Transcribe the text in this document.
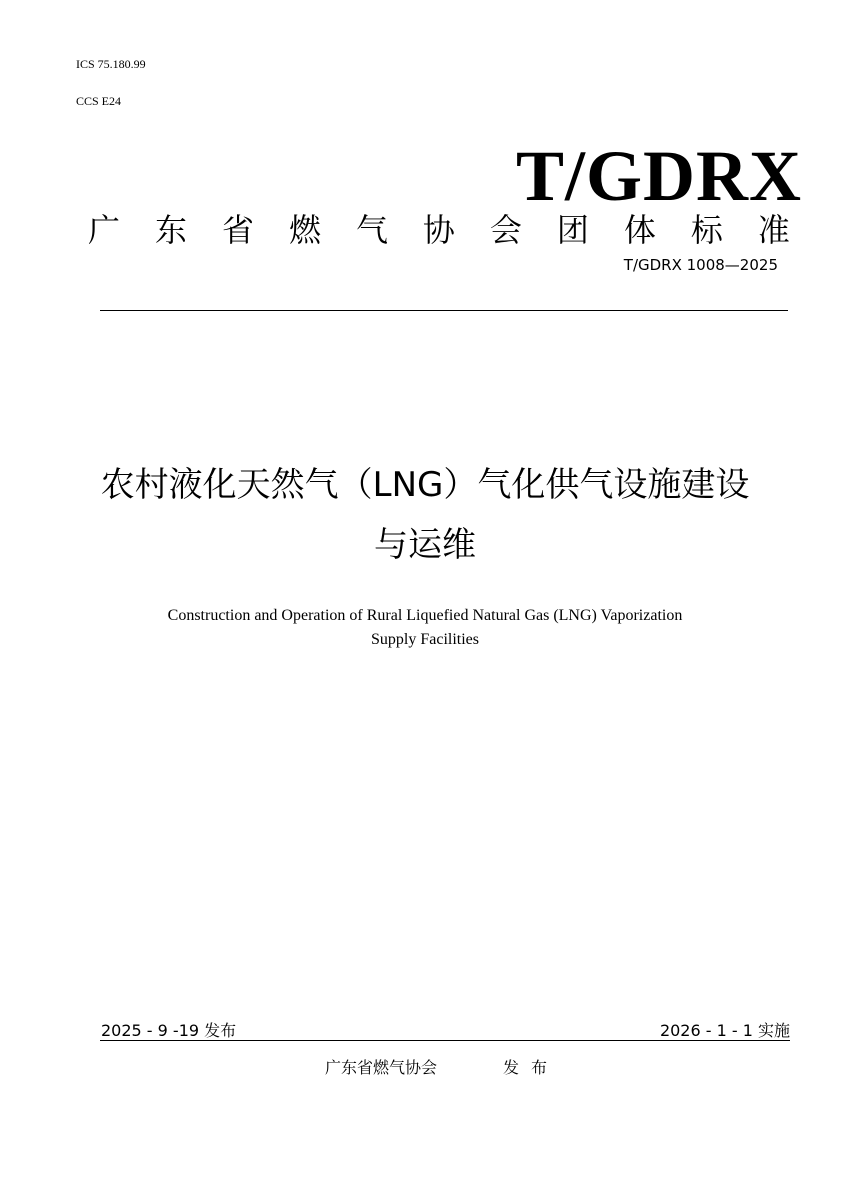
ICS 75.180.99
CCS E24
T/GDRX
广 东 省 燃 气 协 会 团 体 标 准
T/GDRX 1008—2025
农村液化天然气（LNG）气化供气设施建设
与运维
Construction and Operation of Rural Liquefied Natural Gas (LNG) Vaporization
Supply Facilities
2025 - 9 -19 发布	2026 - 1 - 1 实施
广东省燃气协会	发布
